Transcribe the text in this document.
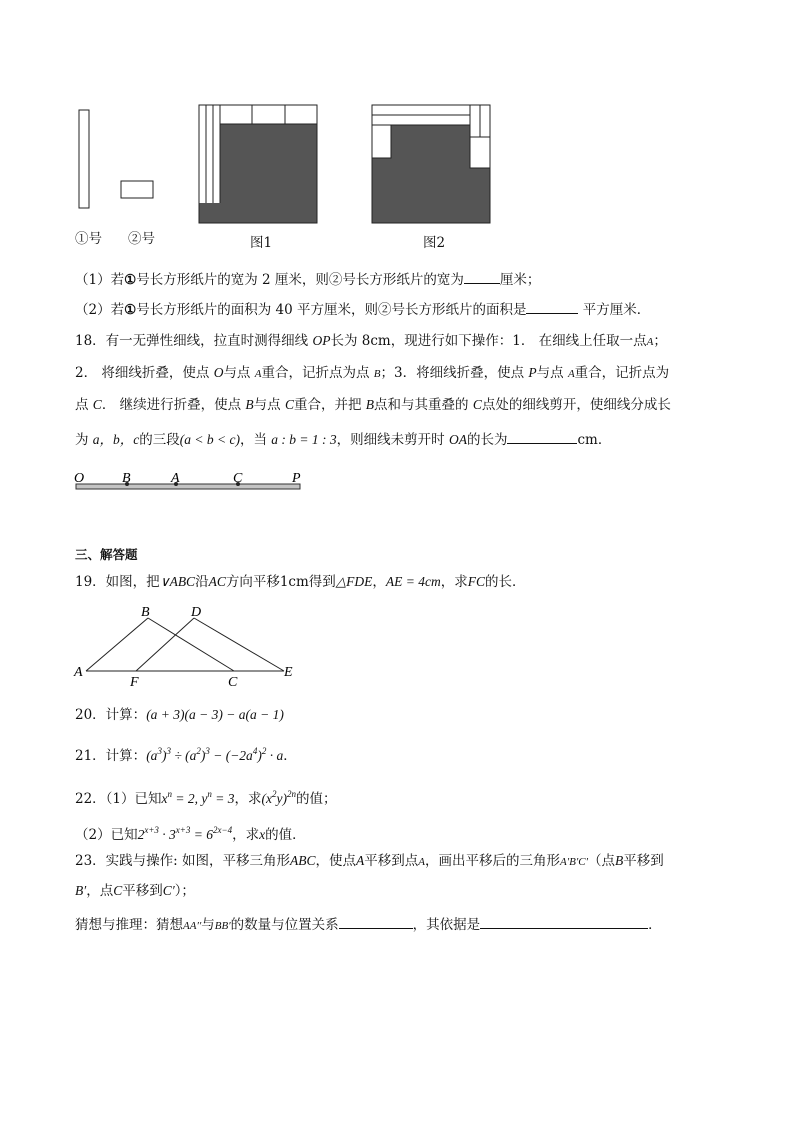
①号 ②号	图1	图2
（1）若①号长方形纸片的宽为 2 厘米，则②号长方形纸片的宽为	厘米；
（2）若①号长方形纸片的面积为 40 平方厘米，则②号长方形纸片的面积是	平方厘米．
18．有一无弹性细线，拉直时测得细线 OP长为 8cm，现进行如下操作：1． 在细线上任取一点A；
2． 将细线折叠，使点 O与点 A重合，记折点为点 B；3．将细线折叠，使点 P与点 A重合，记折点为
点 C． 继续进行折叠，使点 B与点 C重合，并把 B点和与其重叠的 C点处的细线剪开，使细线分成长
为 a，b，c的三段(a < b < c)，当 a : b = 1 : 3，则细线未剪开时 OA的长为	cm．
O	B	A	C	P
三、解答题
19．如图，把∨ABC沿AC方向平移1cm得到△FDE，AE = 4cm，求FC的长．
B	D
A
F	C
E
20．计算：(a + 3)(a − 3) − a(a − 1)
21．计算：$(a^3)^3 \div (a^2)^3 - (-2a^4)^2 \cdot a$．
22．（1）已知$x^n = 2$, $y^n = 3$，求$(x^2y)^{2n}$的值；
（2）已知$2^{x+3} \cdot 3^{x+3} = 6^{2x-4}$，求x的值．
23．实践与操作: 如图，平移三角形ABC，使点A平移到点A，画出平移后的三角形A′B′C′（点B平移到
B′，点C平移到C′）；
猜想与推理：猜想AA′′与BB′的数量与位置关系	，其依据是	．
